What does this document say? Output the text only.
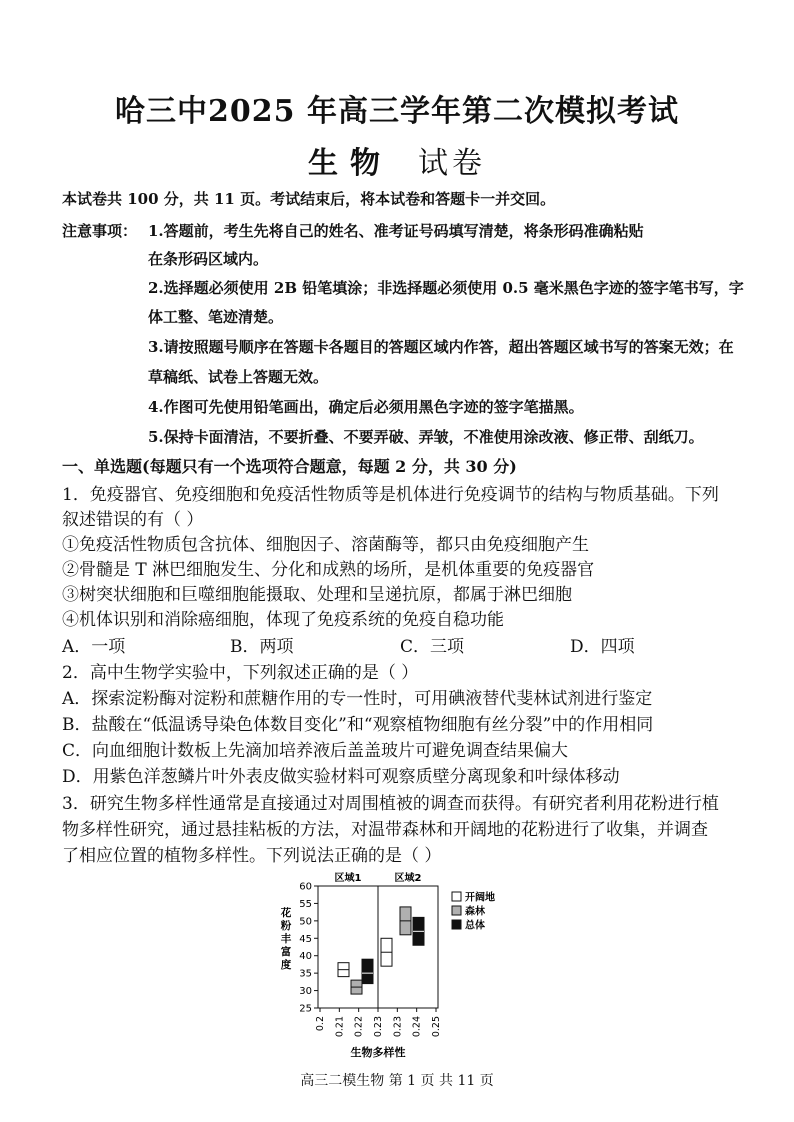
哈三中2025 年高三学年第二次模拟考试
生物 试卷
本试卷共 100 分，共 11 页。考试结束后，将本试卷和答题卡一并交回。
注意事项： 1.答题前，考生先将自己的姓名、准考证号码填写清楚，将条形码准确粘贴
在条形码区域内。
2.选择题必须使用 2B 铅笔填涂；非选择题必须使用 0.5 毫米黑色字迹的签字笔书写，字
体工整、笔迹清楚。
3.请按照题号顺序在答题卡各题目的答题区域内作答，超出答题区域书写的答案无效；在
草稿纸、试卷上答题无效。
4.作图可先使用铅笔画出，确定后必须用黑色字迹的签字笔描黑。
5.保持卡面清洁，不要折叠、不要弄破、弄皱，不准使用涂改液、修正带、刮纸刀。
一、单选题(每题只有一个选项符合题意，每题 2 分，共 30 分)
1．免疫器官、免疫细胞和免疫活性物质等是机体进行免疫调节的结构与物质基础。下列
叙述错误的有（ ）
①免疫活性物质包含抗体、细胞因子、溶菌酶等，都只由免疫细胞产生
②骨髓是 T 淋巴细胞发生、分化和成熟的场所，是机体重要的免疫器官
③树突状细胞和巨噬细胞能摄取、处理和呈递抗原，都属于淋巴细胞
④机体识别和消除癌细胞，体现了免疫系统的免疫自稳功能
A．一项	B．两项	C．三项	D．四项
2．高中生物学实验中，下列叙述正确的是（ ）
A．探索淀粉酶对淀粉和蔗糖作用的专一性时，可用碘液替代斐林试剂进行鉴定
B．盐酸在“低温诱导染色体数目变化”和“观察植物细胞有丝分裂”中的作用相同
C．向血细胞计数板上先滴加培养液后盖盖玻片可避免调查结果偏大
D．用紫色洋葱鳞片叶外表皮做实验材料可观察质壁分离现象和叶绿体移动
3．研究生物多样性通常是直接通过对周围植被的调查而获得。有研究者利用花粉进行植
物多样性研究，通过悬挂粘板的方法，对温带森林和开阔地的花粉进行了收集，并调查
了相应位置的植物多样性。下列说法正确的是（ ）
区域1	区域2
25
30
35
40
45
50
55
60
花
粉
丰
富
度
0.2 0.21 0.22 0.23 0.23 0.24 0.25
生物多样性
开阔地
森林
总体
高三二模生物 第 1 页 共 11 页
